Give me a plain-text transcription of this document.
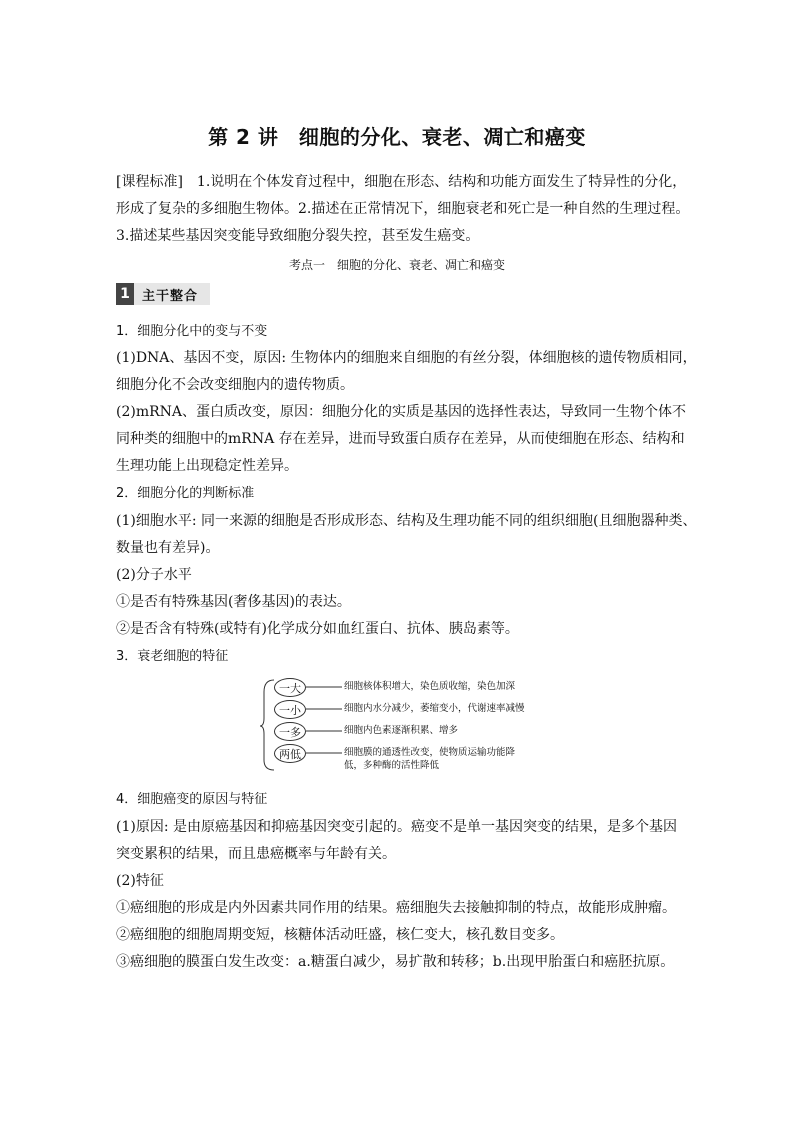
第 2 讲　细胞的分化、衰老、凋亡和癌变
[课程标准]　1.说明在个体发育过程中，细胞在形态、结构和功能方面发生了特异性的分化，
形成了复杂的多细胞生物体。2.描述在正常情况下，细胞衰老和死亡是一种自然的生理过程。
3.描述某些基因突变能导致细胞分裂失控，甚至发生癌变。
考点一　细胞的分化、衰老、凋亡和癌变
1 主干整合
1．细胞分化中的变与不变
(1)DNA、基因不变，原因: 生物体内的细胞来自细胞的有丝分裂，体细胞核的遗传物质相同，
细胞分化不会改变细胞内的遗传物质。
(2)mRNA、蛋白质改变，原因：细胞分化的实质是基因的选择性表达，导致同一生物个体不
同种类的细胞中的mRNA 存在差异，进而导致蛋白质存在差异，从而使细胞在形态、结构和
生理功能上出现稳定性差异。
2．细胞分化的判断标准
(1)细胞水平: 同一来源的细胞是否形成形态、结构及生理功能不同的组织细胞(且细胞器种类、
数量也有差异)。
(2)分子水平
①是否有特殊基因(奢侈基因)的表达。
②是否含有特殊(或特有)化学成分如血红蛋白、抗体、胰岛素等。
3．衰老细胞的特征
一大	细胞核体积增大，染色质收缩，染色加深
一小	细胞内水分减少，萎缩变小，代谢速率减慢
一多	细胞内色素逐渐积累、增多
两低	细胞膜的通透性改变，使物质运输功能降
低，多种酶的活性降低
4．细胞癌变的原因与特征
(1)原因: 是由原癌基因和抑癌基因突变引起的。癌变不是单一基因突变的结果，是多个基因
突变累积的结果，而且患癌概率与年龄有关。
(2)特征
①癌细胞的形成是内外因素共同作用的结果。癌细胞失去接触抑制的特点，故能形成肿瘤。
②癌细胞的细胞周期变短，核糖体活动旺盛，核仁变大，核孔数目变多。
③癌细胞的膜蛋白发生改变：a.糖蛋白减少，易扩散和转移；b.出现甲胎蛋白和癌胚抗原。
